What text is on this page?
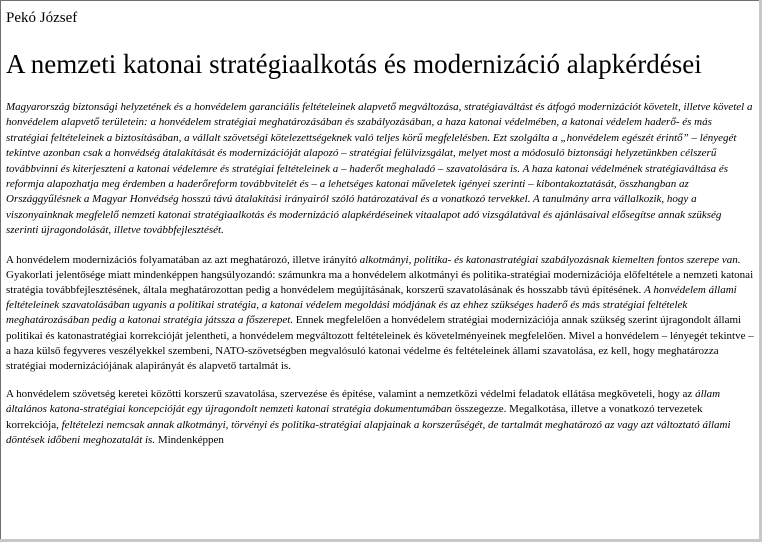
Pekó József
A nemzeti katonai stratégiaalkotás és modernizáció alapkérdései

Magyarország biztonsági helyzetének és a honvédelem garanciális feltételeinek alapvető megváltozása, stratégiaváltást és átfogó modernizációt követelt, illetve követel a honvédelem alapvető területein: a honvédelem stratégiai meghatározásában és szabályozásában, a haza katonai védelmében, a katonai védelem haderő- és más stratégiai feltételeinek a biztosításában, a vállalt szövetségi kötelezettségeknek való teljes körű megfelelésben. Ezt szolgálta a „honvédelem egészét érintő” – lényegét tekintve azonban csak a honvédség átalakítását és modernizációját alapozó – stratégiai felülvizsgálat, melyet most a módosuló biztonsági helyzetünkben célszerű továbbvinni és kiterjeszteni a katonai védelemre és stratégiai feltételeinek a – haderőt meghaladó – szavatolására is. A haza katonai védelmének stratégiaváltása és reformja alapozhatja meg érdemben a haderőreform továbbvitelét és – a lehetséges katonai műveletek igényei szerinti – kibontakoztatását, összhangban az Országgyűlésnek a Magyar Honvédség hosszú távú átalakítási irányairól szóló határozatával és a vonatkozó tervekkel. A tanulmány arra vállalkozik, hogy a viszonyainknak megfelelő nemzeti katonai stratégiaalkotás és modernizáció alapkérdéseinek vitaalapot adó vizsgálatával és ajánlásaival elősegítse annak szükség szerinti újragondolását, illetve továbbfejlesztését.

A honvédelem modernizációs folyamatában az azt meghatározó, illetve irányító alkotmányi, politika- és katonastratégiai szabályozásnak kiemelten fontos szerepe van. Gyakorlati jelentősége miatt mindenképpen hangsúlyozandó: számunkra ma a honvédelem alkotmányi és politika-stratégiai modernizációja előfeltétele a nemzeti katonai stratégia továbbfejlesztésének, általa meghatározottan pedig a honvédelem megújításának, korszerű szavatolásának és hosszabb távú építésének. A honvédelem állami feltételeinek szavatolásában ugyanis a politikai stratégia, a katonai védelem megoldási módjának és az ehhez szükséges haderő és más stratégiai feltételek meghatározásában pedig a katonai stratégia játssza a főszerepet. Ennek megfelelően a honvédelem stratégiai modernizációja annak szükség szerint újragondolt állami politikai és katonastratégiai korrekcióját jelentheti, a honvédelem megváltozott feltételeinek és követelményeinek megfelelően. Mivel a honvédelem – lényegét tekintve – a haza külső fegyveres veszélyekkel szembeni, NATO-szövetségben megvalósuló katonai védelme és feltételeinek állami szavatolása, ez kell, hogy meghatározza stratégiai modernizációjának alapirányát és alapvető tartalmát is.

A honvédelem szövetség keretei közötti korszerű szavatolása, szervezése és építése, valamint a nemzetközi védelmi feladatok ellátása megköveteli, hogy az állam általános katona-stratégiai koncepcióját egy újragondolt nemzeti katonai stratégia dokumentumában összegezze. Megalkotása, illetve a vonatkozó tervezetek korrekciója, feltételezi nemcsak annak alkotmányi, törvényi és politika-stratégiai alapjainak a korszerűségét, de tartalmát meghatározó az vagy azt változtató állami döntések időbeni meghozatalát is. Mindenképpen
